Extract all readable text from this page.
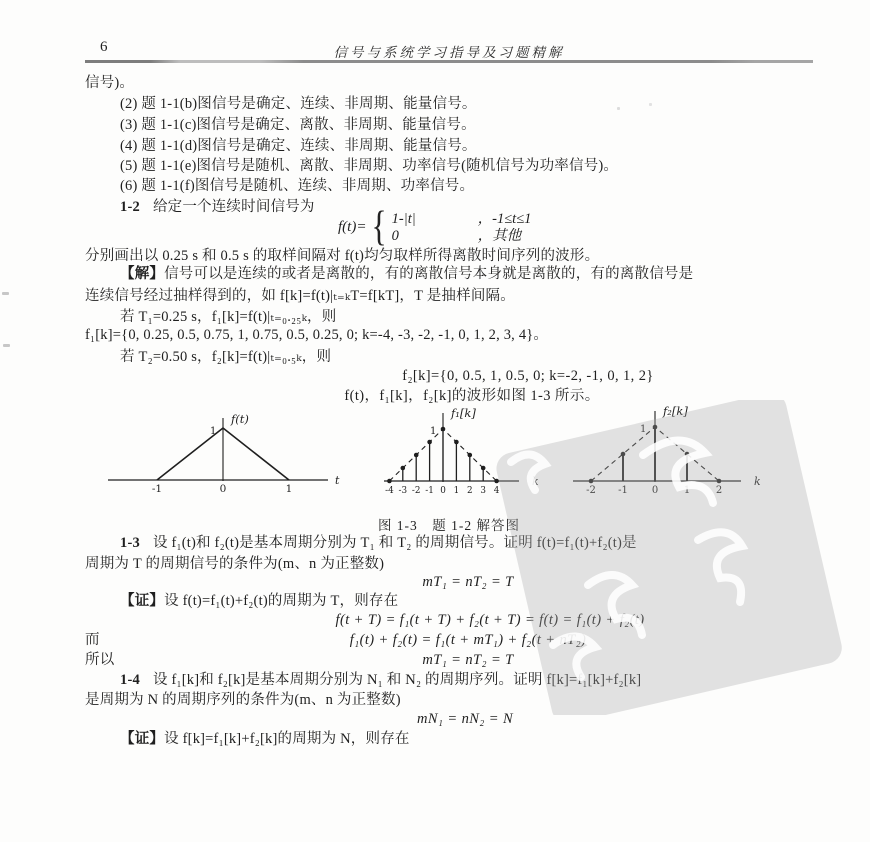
6	信号与系统学习指导及习题精解
信号)。
(2) 题 1-1(b)图信号是确定、连续、非周期、能量信号。
(3) 题 1-1(c)图信号是确定、离散、非周期、能量信号。
(4) 题 1-1(d)图信号是确定、连续、非周期、能量信号。
(5) 题 1-1(e)图信号是随机、离散、非周期、功率信号(随机信号为功率信号)。
(6) 题 1-1(f)图信号是随机、连续、非周期、功率信号。
1-2 给定一个连续时间信号为
f(t)= { 1-|t|	，-1≤t≤1
0	，其他
分别画出以 0.25 s 和 0.5 s 的取样间隔对 f(t)均匀取样所得离散时间序列的波形。
【解】信号可以是连续的或者是离散的，有的离散信号本身就是离散的，有的离散信号是
连续信号经过抽样得到的，如 f[k]=f(t)|ₜ₌ₖT=f[kT]，T 是抽样间隔。
若 T₁=0.25 s，f₁[k]=f(t)|ₜ₌₀.₂₅ₖ，则
f₁[k]={0, 0.25, 0.5, 0.75, 1, 0.75, 0.5, 0.25, 0; k=-4, -3, -2, -1, 0, 1, 2, 3, 4}。
若 T₂=0.50 s，f₂[k]=f(t)|ₜ₌₀.₅ₖ，则
f₂[k]={0, 0.5, 1, 0.5, 0; k=-2, -1, 0, 1, 2}
f(t)，f₁[k]，f₂[k]的波形如图 1-3 所示。
-1	0	1
f(t)
t
1
-4 -3 -2 -1 0 1 2 3 4
f₁[k]
k
1
-2 -1 0	1	2
f₂[k]
k
1
图 1-3　题 1-2 解答图
1-3 设 f₁(t)和 f₂(t)是基本周期分别为 T₁ 和 T₂ 的周期信号。证明 f(t)=f₁(t)+f₂(t)是
周期为 T 的周期信号的条件为(m、n 为正整数)
mT₁ = nT₂ = T
【证】设 f(t)=f₁(t)+f₂(t)的周期为 T，则存在
f(t + T) = f₁(t + T) + f₂(t + T) = f(t) = f₁(t) + f₂(t)
而	f₁(t) + f₂(t) = f₁(t + mT₁) + f₂(t + nT₂)
所以	mT₁ = nT₂ = T
1-4 设 f₁[k]和 f₂[k]是基本周期分别为 N₁ 和 N₂ 的周期序列。证明 f[k]=f₁[k]+f₂[k]
是周期为 N 的周期序列的条件为(m、n 为正整数)
mN₁ = nN₂ = N
【证】设 f[k]=f₁[k]+f₂[k]的周期为 N，则存在
